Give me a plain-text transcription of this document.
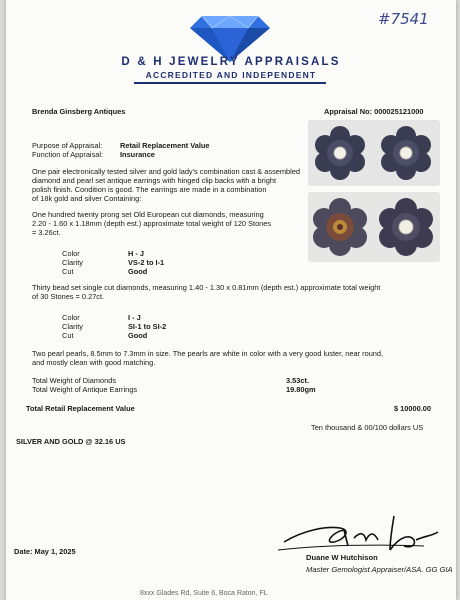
#7541
D & H JEWELRY APPRAISALS
ACCREDITED AND INDEPENDENT
Brenda Ginsberg Antiques	Appraisal No: 000025121000
Purpose of Appraisal: Retail Replacement Value
Function of Appraisal: Insurance
One pair electronically tested silver and gold lady's combination cast & assembled
diamond and pearl set antique earrings with hinged clip backs with a bright
polish finish. Condition is good. The earrings are made in a combination
of 18k gold and silver Containing:
One hundred twenty prong set Old European cut diamonds, measuring
2.20 - 1.60 x 1.18mm (depth est.) approximate total weight of 120 Stones
= 3.26ct.
Color	H - J
Clarity	VS-2 to I-1
Cut	Good
Thirty bead set single cut diamonds, measuring 1.40 - 1.30 x 0.81mm (depth est.) approximate total weight
of 30 Stones = 0.27ct.
Color	I - J
Clarity	SI-1 to SI-2
Cut	Good
Two pearl pearls, 8.5mm to 7.3mm in size. The pearls are white in color with a very good luster, near round,
and mostly clean with good matching.
Total Weight of Diamonds	3.53ct.
Total Weight of Antique Earrings	19.80gm
Total Retail Replacement Value	$ 10000.00
Ten thousand & 00/100 dollars US
SILVER AND GOLD @ 32.16 US
Date: May 1, 2025
Duane W Hutchison
Master Gemologist Appraiser/ASA. GG GIA
8xxx Glades Rd, Suite 6, Boca Raton, FL
